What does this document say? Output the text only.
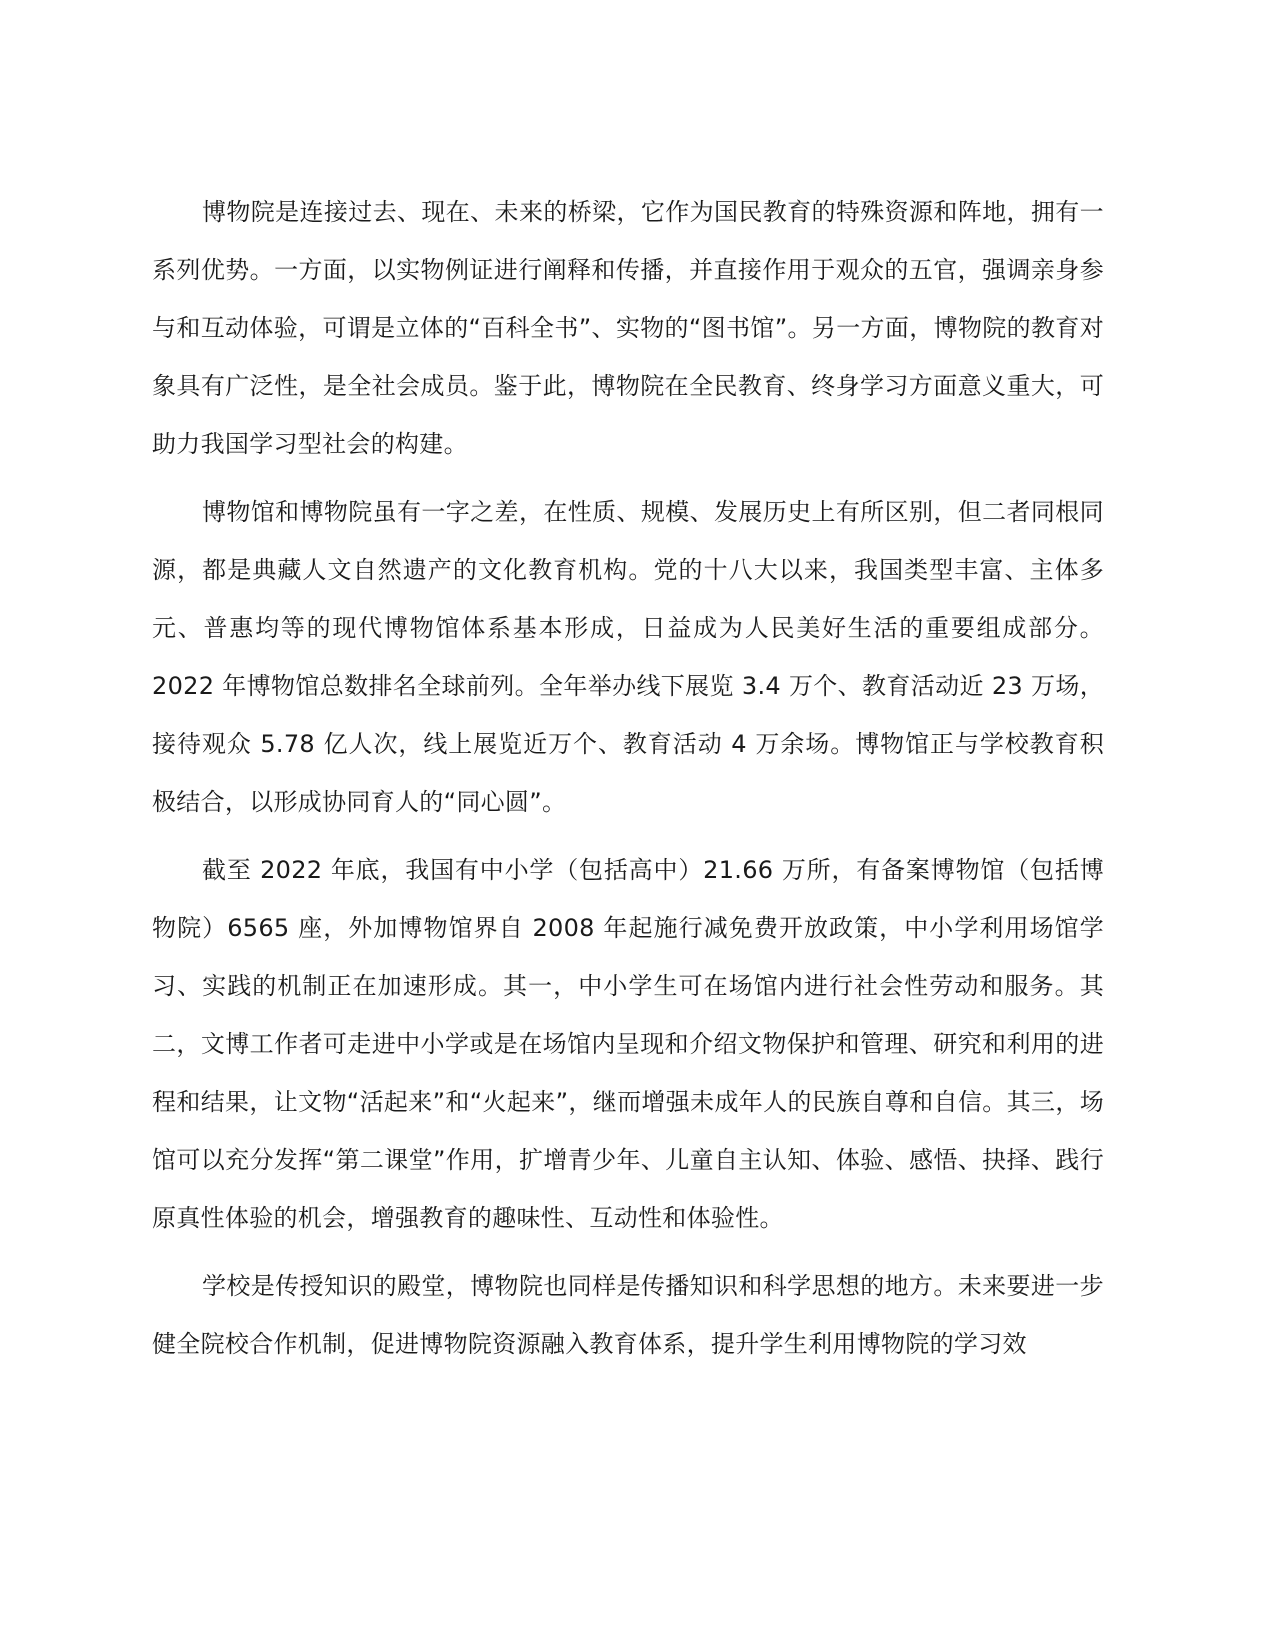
博物院是连接过去、现在、未来的桥梁，它作为国民教育的特殊资源和阵地，拥有一系列优势。一方面，以实物例证进行阐释和传播，并直接作用于观众的五官，强调亲身参与和互动体验，可谓是立体的“百科全书”、实物的“图书馆”。另一方面，博物院的教育对象具有广泛性，是全社会成员。鉴于此，博物院在全民教育、终身学习方面意义重大，可助力我国学习型社会的构建。

博物馆和博物院虽有一字之差，在性质、规模、发展历史上有所区别，但二者同根同源，都是典藏人文自然遗产的文化教育机构。党的十八大以来，我国类型丰富、主体多元、普惠均等的现代博物馆体系基本形成，日益成为人民美好生活的重要组成部分。2022 年博物馆总数排名全球前列。全年举办线下展览 3.4 万个、教育活动近 23 万场，接待观众 5.78 亿人次，线上展览近万个、教育活动 4 万余场。博物馆正与学校教育积极结合，以形成协同育人的“同心圆”。

截至 2022 年底，我国有中小学（包括高中）21.66 万所，有备案博物馆（包括博物院）6565 座，外加博物馆界自 2008 年起施行减免费开放政策，中小学利用场馆学习、实践的机制正在加速形成。其一，中小学生可在场馆内进行社会性劳动和服务。其二，文博工作者可走进中小学或是在场馆内呈现和介绍文物保护和管理、研究和利用的进程和结果，让文物“活起来”和“火起来”，继而增强未成年人的民族自尊和自信。其三，场馆可以充分发挥“第二课堂”作用，扩增青少年、儿童自主认知、体验、感悟、抉择、践行原真性体验的机会，增强教育的趣味性、互动性和体验性。

学校是传授知识的殿堂，博物院也同样是传播知识和科学思想的地方。未来要进一步健全院校合作机制，促进博物院资源融入教育体系，提升学生利用博物院的学习效
